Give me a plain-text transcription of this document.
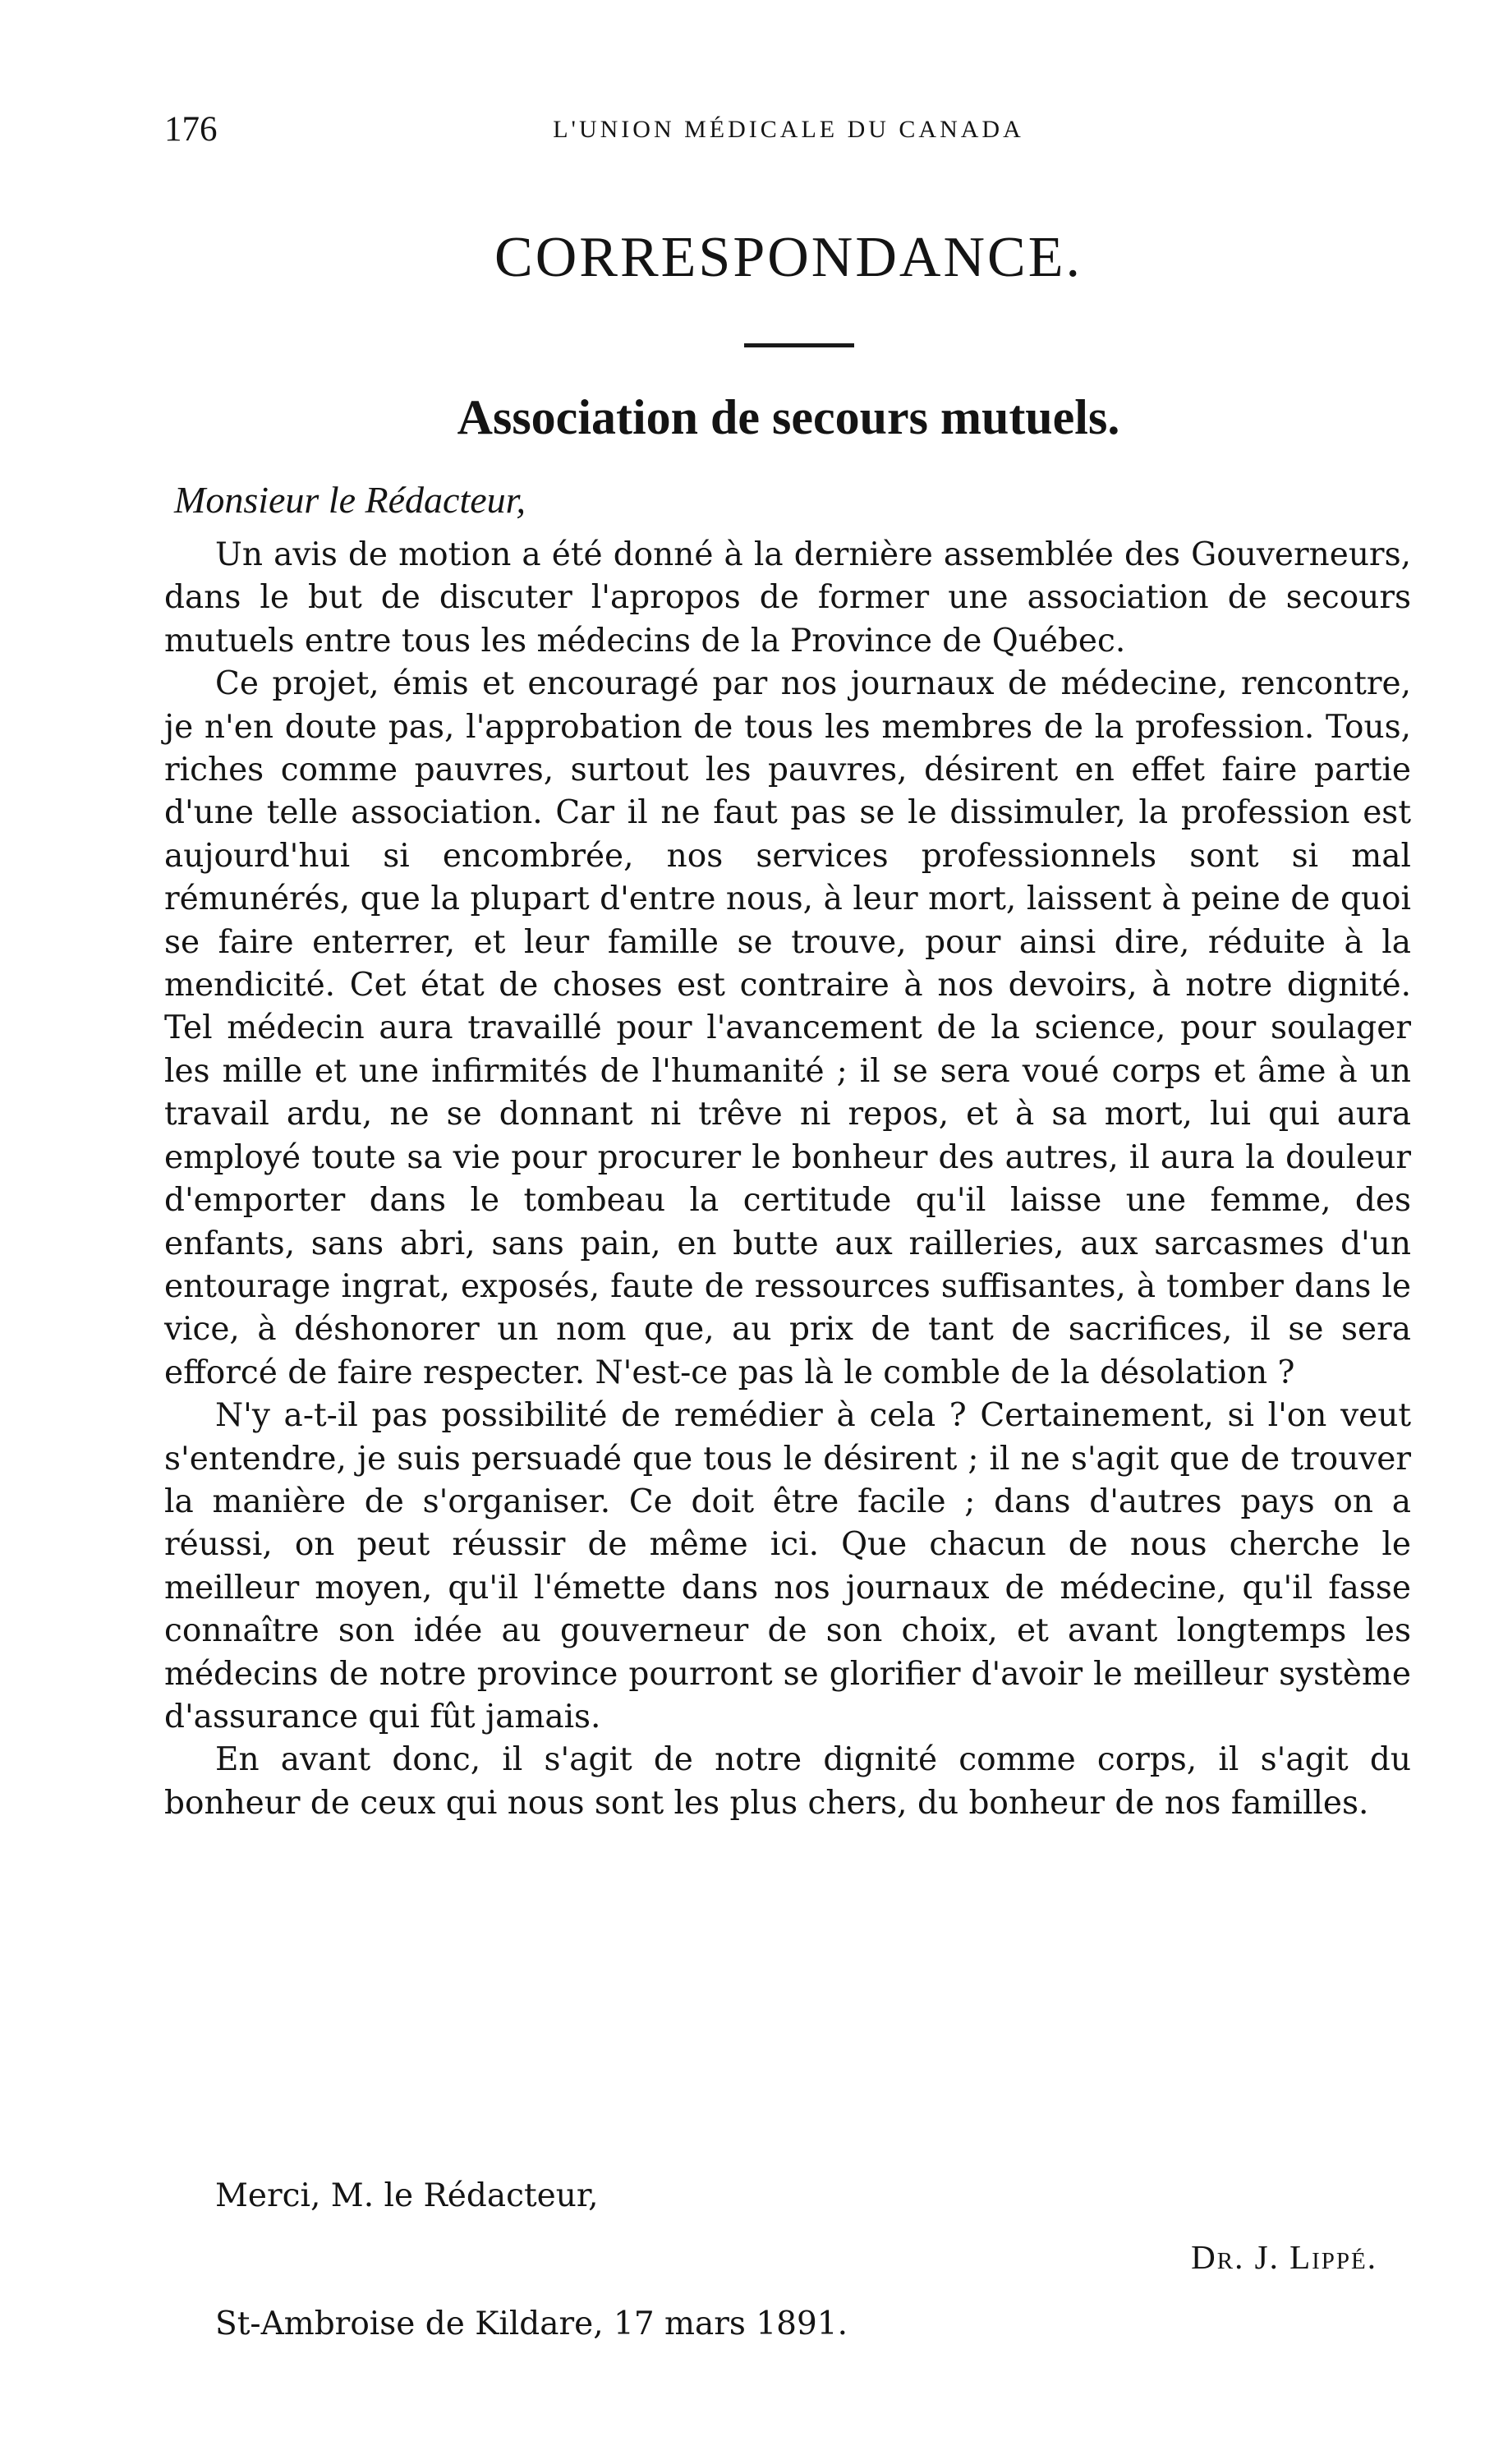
176	L'UNION MÉDICALE DU CANADA
CORRESPONDANCE.
Association de secours mutuels.
Monsieur le Rédacteur,

Un avis de motion a été donné à la dernière assemblée des Gouverneurs, dans le but de discuter l'apropos de former une association de secours mutuels entre tous les médecins de la Province de Québec.

Ce projet, émis et encouragé par nos journaux de médecine, rencontre, je n'en doute pas, l'approbation de tous les membres de la profession. Tous, riches comme pauvres, surtout les pauvres, désirent en effet faire partie d'une telle association. Car il ne faut pas se le dissimuler, la profession est aujourd'hui si encombrée, nos services professionnels sont si mal rémunérés, que la plupart d'entre nous, à leur mort, laissent à peine de quoi se faire enterrer, et leur famille se trouve, pour ainsi dire, réduite à la mendicité. Cet état de choses est contraire à nos devoirs, à notre dignité. Tel médecin aura travaillé pour l'avancement de la science, pour soulager les mille et une infirmités de l'humanité ; il se sera voué corps et âme à un travail ardu, ne se donnant ni trêve ni repos, et à sa mort, lui qui aura employé toute sa vie pour procurer le bonheur des autres, il aura la douleur d'emporter dans le tombeau la certitude qu'il laisse une femme, des enfants, sans abri, sans pain, en butte aux railleries, aux sarcasmes d'un entourage ingrat, exposés, faute de ressources suffisantes, à tomber dans le vice, à déshonorer un nom que, au prix de tant de sacrifices, il se sera efforcé de faire respecter. N'est-ce pas là le comble de la désolation ?

N'y a-t-il pas possibilité de remédier à cela ? Certainement, si l'on veut s'entendre, je suis persuadé que tous le désirent ; il ne s'agit que de trouver la manière de s'organiser. Ce doit être facile ; dans d'autres pays on a réussi, on peut réussir de même ici. Que chacun de nous cherche le meilleur moyen, qu'il l'émette dans nos journaux de médecine, qu'il fasse connaître son idée au gouverneur de son choix, et avant longtemps les médecins de notre province pourront se glorifier d'avoir le meilleur système d'assurance qui fût jamais.

En avant donc, il s'agit de notre dignité comme corps, il s'agit du bonheur de ceux qui nous sont les plus chers, du bonheur de nos familles.

Merci, M. le Rédacteur,
Dr. J. Lippé.
St-Ambroise de Kildare, 17 mars 1891.
